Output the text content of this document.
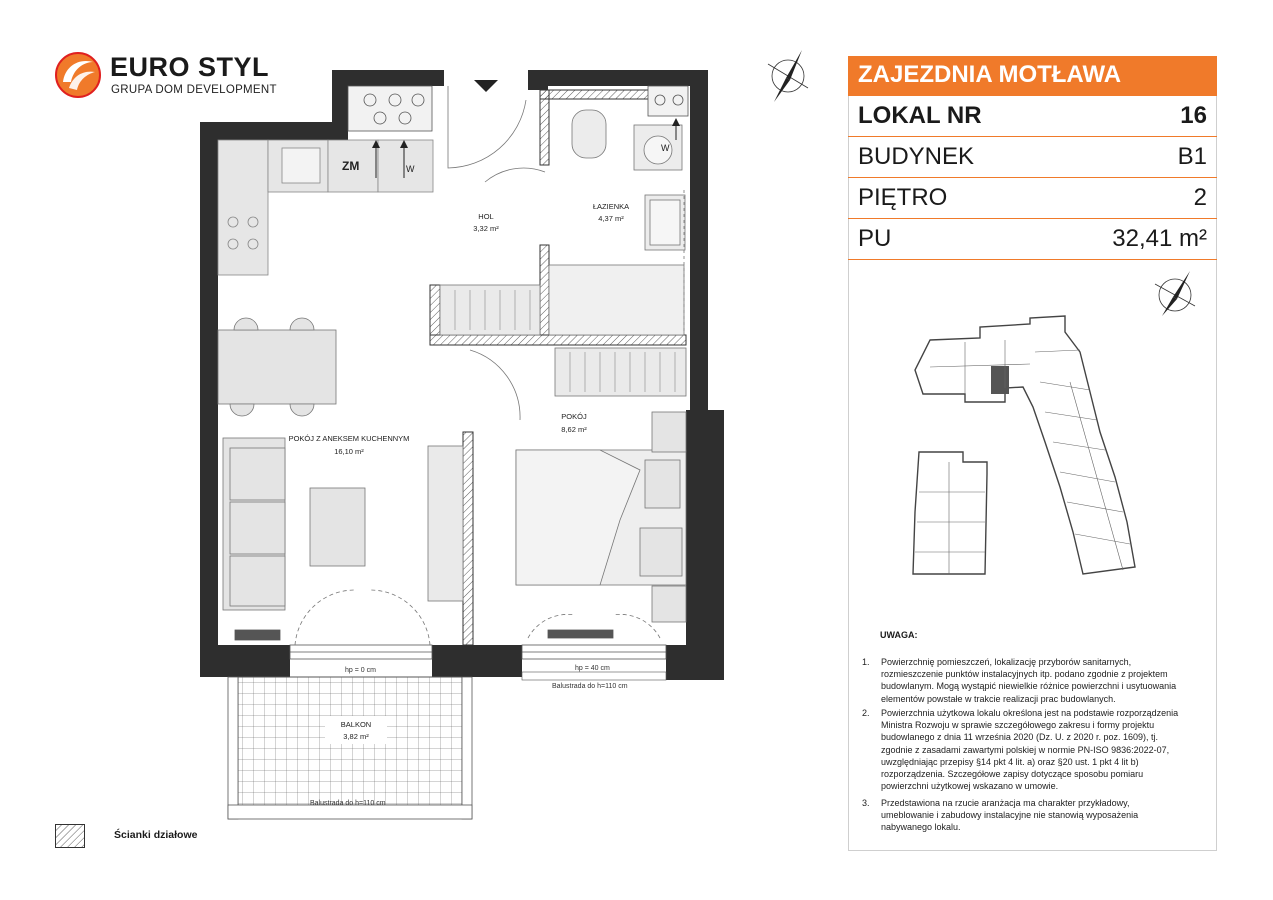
EURO STYL
GRUPA DOM DEVELOPMENT
ZM	W
W
hp = 0 cm	hp = 40 cm
Balustrada do h=110 cm
BALKON
3,82 m²
Balustrada do h=110 cm
HOL
3,32 m²
ŁAZIENKA
4,37 m²
POKÓJ Z ANEKSEM KUCHENNYM
16,10 m²
POKÓJ
8,62 m²
ZAJEZDNIA MOTŁAWA
LOKAL NR	16
BUDYNEK	B1
PIĘTRO	2
PU	32,41 m²
UWAGA:
1. Powierzchnię pomieszczeń, lokalizację przyborów sanitarnych,
rozmieszczenie punktów instalacyjnych itp. podano zgodnie z projektem
budowlanym. Mogą wystąpić niewielkie różnice powierzchni i usytuowania
elementów powstałe w trakcie realizacji prac budowlanych.
2. Powierzchnia użytkowa lokalu określona jest na podstawie rozporządzenia
Ministra Rozwoju w sprawie szczegółowego zakresu i formy projektu
budowlanego z dnia 11 września 2020 (Dz. U. z 2020 r. poz. 1609), tj.
zgodnie z zasadami zawartymi polskiej w normie PN-ISO 9836:2022-07,
uwzględniając przepisy §14 pkt 4 lit. a) oraz §20 ust. 1 pkt 4 lit b)
rozporządzenia. Szczegółowe zapisy dotyczące sposobu pomiaru
powierzchni użytkowej wskazano w umowie.
3. Przedstawiona na rzucie aranżacja ma charakter przykładowy,
umeblowanie i zabudowy instalacyjne nie stanowią wyposażenia
nabywanego lokalu.
Ścianki działowe
